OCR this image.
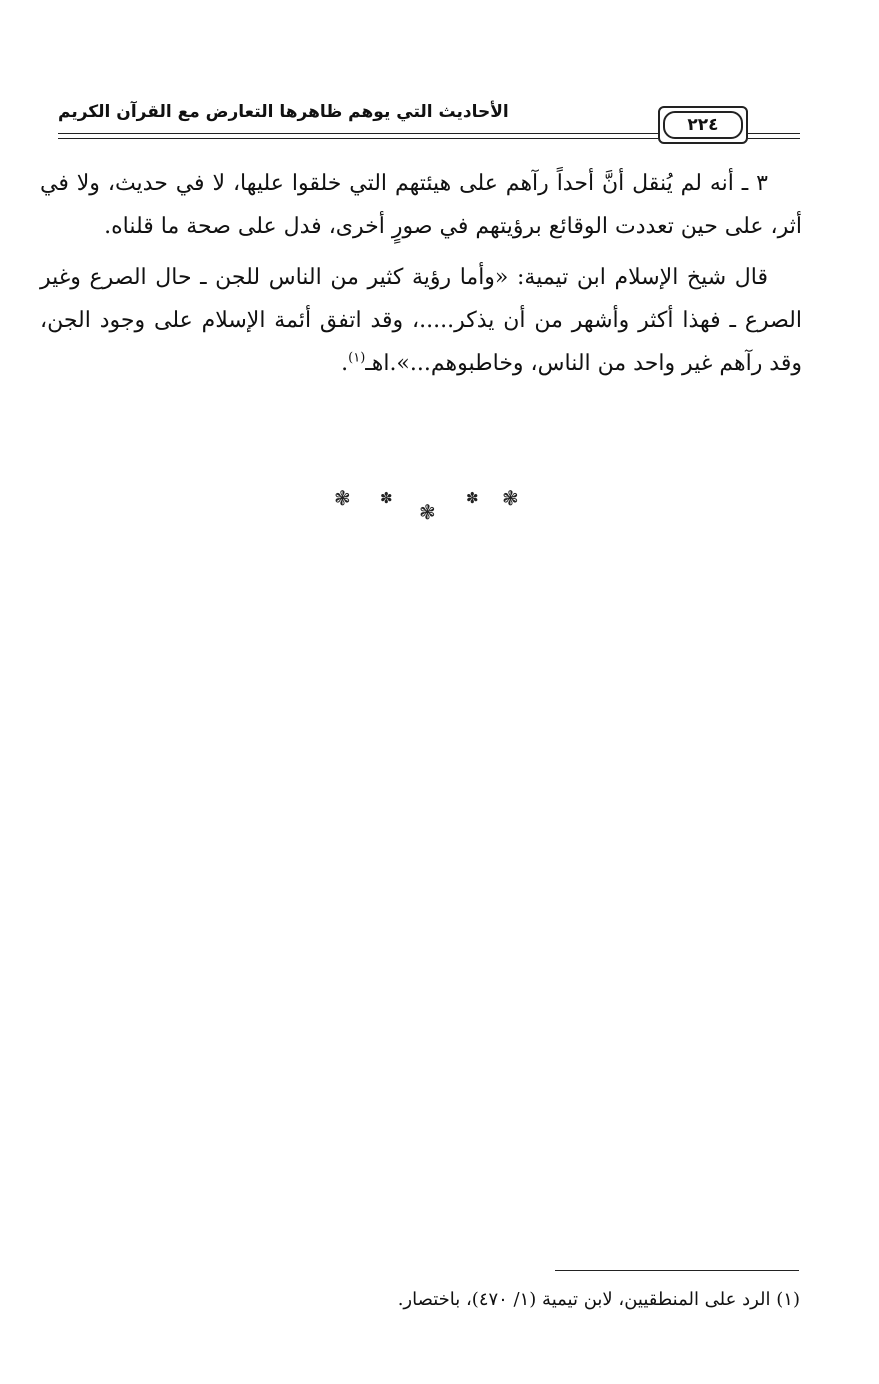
الأحاديث التي يوهم ظاهرها التعارض مع القرآن الكريم
٢٢٤

٣ ـ أنه لم يُنقل أنَّ أحداً رآهم على هيئتهم التي خلقوا عليها، لا في حديث، ولا في أثر، على حين تعددت الوقائع برؤيتهم في صورٍ أخرى، فدل على صحة ما قلناه.

قال شيخ الإسلام ابن تيمية: «وأما رؤية كثير من الناس للجن ـ حال الصرع وغير الصرع ـ فهذا أكثر وأشهر من أن يذكر.....، وقد اتفق أئمة الإسلام على وجود الجن، وقد رآهم غير واحد من الناس، وخاطبوهم...».اهـ$^{(١)}$.

❃ ✽
❃
✽ ❃
(١) الرد على المنطقيين، لابن تيمية (١/ ٤٧٠)، باختصار.
